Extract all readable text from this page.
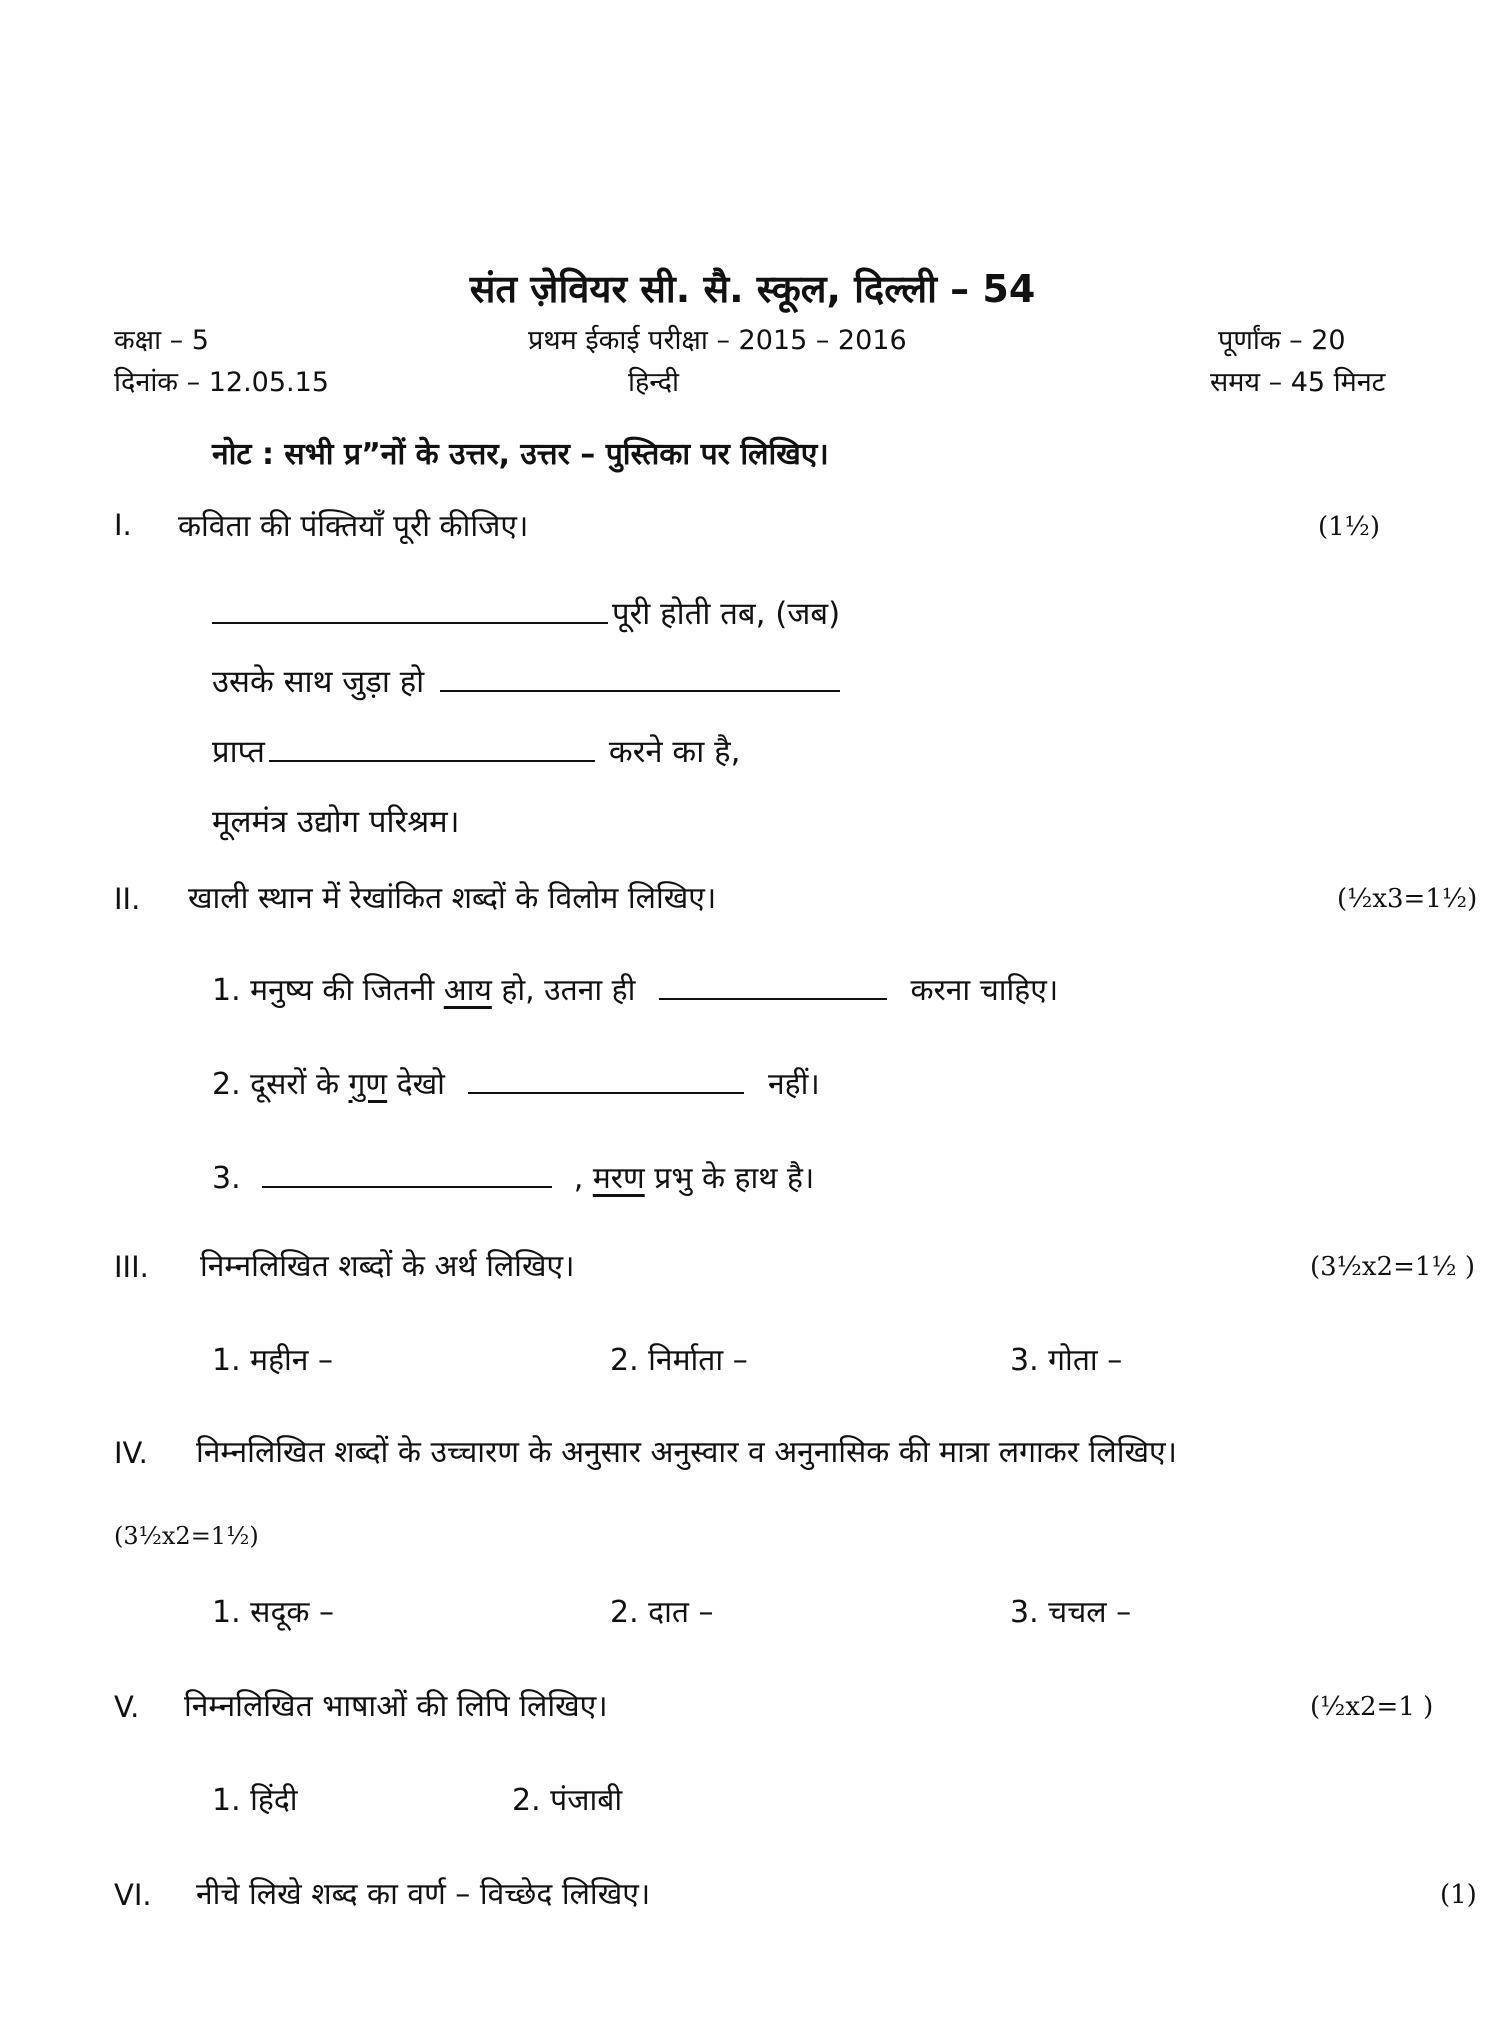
संत ज़ेवियर सी. सै. स्कूल, दिल्ली – 54
कक्षा – 5	प्रथम ईकाई परीक्षा – 2015 – 2016	पूर्णांक – 20
दिनांक – 12.05.15	हिन्दी	समय – 45 मिनट
नोट : सभी प्र”नों के उत्तर, उत्तर – पुस्तिका पर लिखिए।
I. कविता की पंक्तियाँ पूरी कीजिए।	(1½)
पूरी होती तब, (जब)
उसके साथ जुड़ा हो
प्राप्त	करने का है,
मूलमंत्र उद्योग परिश्रम।
II. खाली स्थान में रेखांकित शब्दों के विलोम लिखिए।	(½x3=1½)
1. मनुष्य की जितनी आय हो, उतना ही	करना चाहिए।
2. दूसरों के गुण देखो	नहीं।
3.	, मरण प्रभु के हाथ है।
III. निम्नलिखित शब्दों के अर्थ लिखिए।	(3½x2=1½ )
1. महीन –	2. निर्माता –	3. गोता –
IV. निम्नलिखित शब्दों के उच्चारण के अनुसार अनुस्वार व अनुनासिक की मात्रा लगाकर लिखिए।
(3½x2=1½)
1. सदूक –	2. दात –	3. चचल –
V. निम्नलिखित भाषाओं की लिपि लिखिए।	(½x2=1 )
1. हिंदी	2. पंजाबी
VI. नीचे लिखे शब्द का वर्ण – विच्छेद लिखिए।	(1)
